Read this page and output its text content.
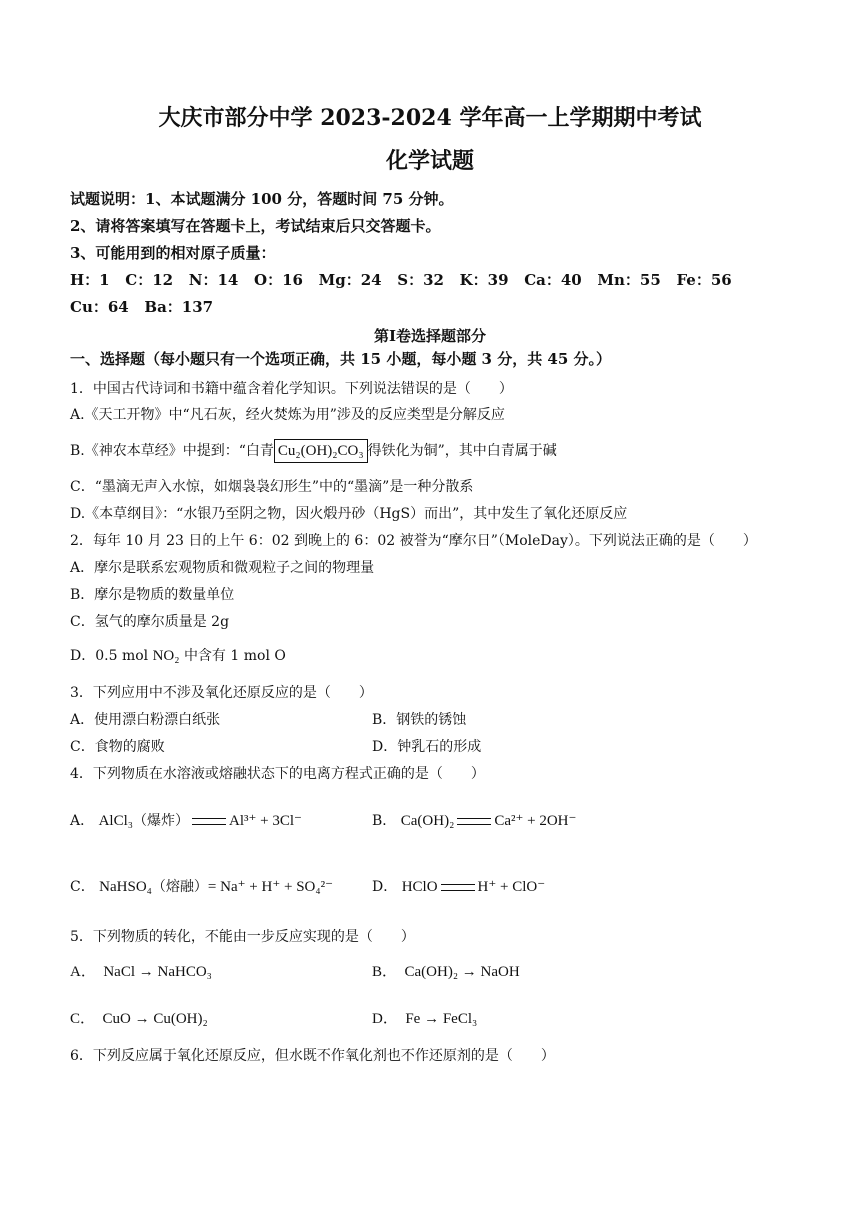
大庆市部分中学 2023-2024 学年高一上学期期中考试
化学试题
试题说明：1、本试题满分 100 分，答题时间 75 分钟。
2、请将答案填写在答题卡上，考试结束后只交答题卡。
3、可能用到的相对原子质量：
H：1   C：12   N：14   O：16   Mg：24   S：32   K：39   Ca：40   Mn：55   Fe：56
Cu：64   Ba：137
第Ⅰ卷选择题部分
一、选择题（每小题只有一个选项正确，共 15 小题，每小题 3 分，共 45 分。）
1．中国古代诗词和书籍中蕴含着化学知识。下列说法错误的是（　　）
A.《天工开物》中“凡石灰，经火焚炼为用”涉及的反应类型是分解反应
B.《神农本草经》中提到：“白青 Cu₂(OH)₂CO₃ 得铁化为铜”，其中白青属于碱
C．“墨滴无声入水惊，如烟袅袅幻形生”中的“墨滴”是一种分散系
D.《本草纲目》：“水银乃至阴之物，因火煅丹砂（HgS）而出”，其中发生了氧化还原反应
2．每年 10 月 23 日的上午 6：02 到晚上的 6：02 被誉为“摩尔日”（MoleDay）。下列说法正确的是（　　）
A．摩尔是联系宏观物质和微观粒子之间的物理量
B．摩尔是物质的数量单位
C．氢气的摩尔质量是 2g
D．0.5 mol NO₂ 中含有 1 mol O
3．下列应用中不涉及氧化还原反应的是（　　）
A．使用漂白粉漂白纸张	B．钢铁的锈蚀
C．食物的腐败	D．钟乳石的形成
4．下列物质在水溶液或熔融状态下的电离方程式正确的是（　　）
A． AlCl₃（爆炸）	Al³⁺ + 3Cl⁻	B． Ca(OH)₂	Ca²⁺ + 2OH⁻
C． NaHSO₄（熔融）= Na⁺ + H⁺ + SO₄²⁻	D． HClO	H⁺ + ClO⁻
5．下列物质的转化，不能由一步反应实现的是（　　）
A．  NaCl → NaHCO₃	B．  Ca(OH)₂ → NaOH
C．  CuO → Cu(OH)₂	D．  Fe → FeCl₃
6．下列反应属于氧化还原反应，但水既不作氧化剂也不作还原剂的是（　　）
